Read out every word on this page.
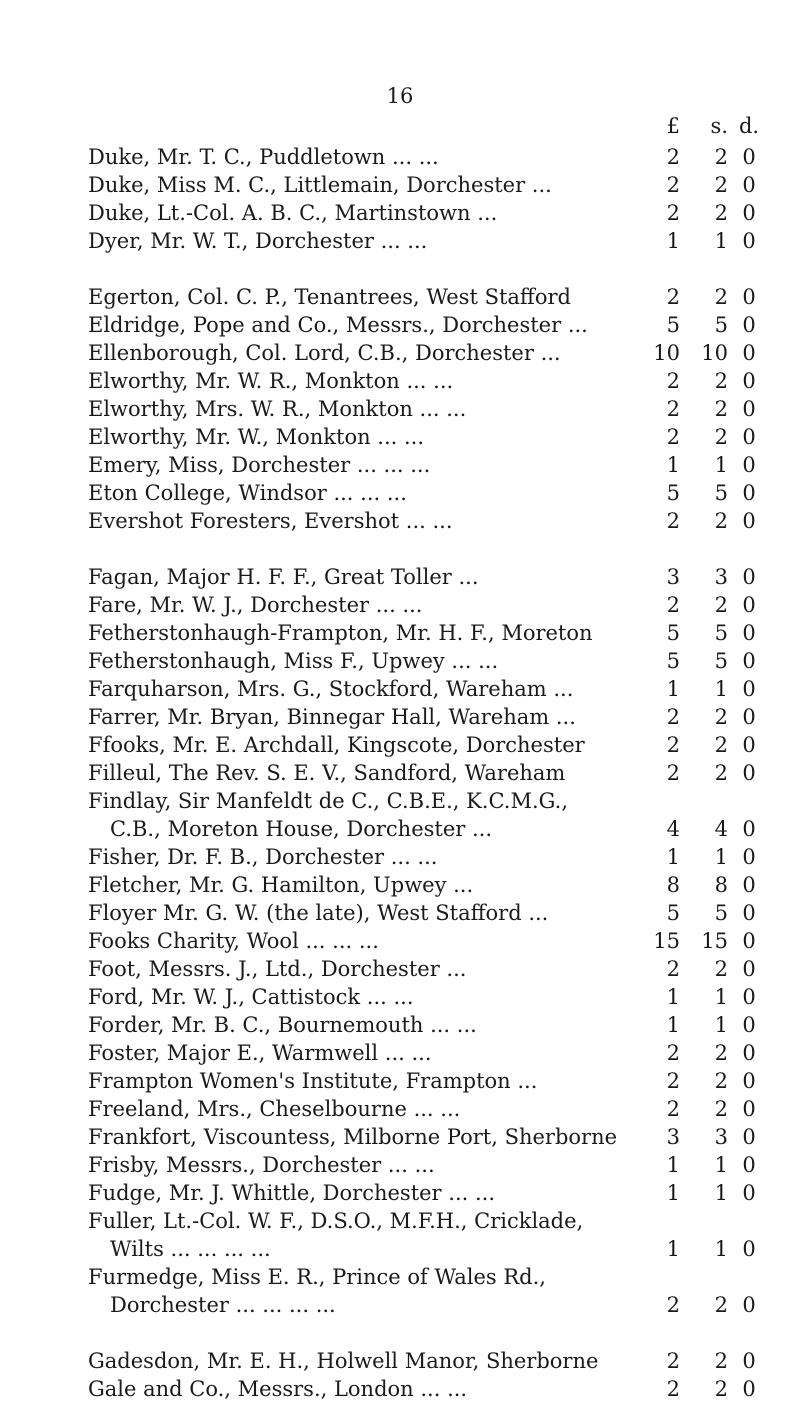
16
£	s. d.
Duke, Mr. T. C., Puddletown ... ...	2	2 0
Duke, Miss M. C., Littlemain, Dorchester ...	2	2 0
Duke, Lt.-Col. A. B. C., Martinstown ...	2	2 0
Dyer, Mr. W. T., Dorchester ... ...	1	1 0
Egerton, Col. C. P., Tenantrees, West Stafford	2	2 0
Eldridge, Pope and Co., Messrs., Dorchester ...	5	5 0
Ellenborough, Col. Lord, C.B., Dorchester ...	10	10 0
Elworthy, Mr. W. R., Monkton ... ...	2	2 0
Elworthy, Mrs. W. R., Monkton ... ...	2	2 0
Elworthy, Mr. W., Monkton ... ...	2	2 0
Emery, Miss, Dorchester ... ... ...	1	1 0
Eton College, Windsor ... ... ...	5	5 0
Evershot Foresters, Evershot ... ...	2	2 0
Fagan, Major H. F. F., Great Toller ...	3	3 0
Fare, Mr. W. J., Dorchester ... ...	2	2 0
Fetherstonhaugh-Frampton, Mr. H. F., Moreton	5	5 0
Fetherstonhaugh, Miss F., Upwey ... ...	5	5 0
Farquharson, Mrs. G., Stockford, Wareham ...	1	1 0
Farrer, Mr. Bryan, Binnegar Hall, Wareham ...	2	2 0
Ffooks, Mr. E. Archdall, Kingscote, Dorchester	2	2 0
Filleul, The Rev. S. E. V., Sandford, Wareham	2	2 0
Findlay, Sir Manfeldt de C., C.B.E., K.C.M.G.,
C.B., Moreton House, Dorchester ...	4	4 0
Fisher, Dr. F. B., Dorchester ... ...	1	1 0
Fletcher, Mr. G. Hamilton, Upwey ...	8	8 0
Floyer Mr. G. W. (the late), West Stafford ...	5	5 0
Fooks Charity, Wool ... ... ...	15	15 0
Foot, Messrs. J., Ltd., Dorchester ...	2	2 0
Ford, Mr. W. J., Cattistock ... ...	1	1 0
Forder, Mr. B. C., Bournemouth ... ...	1	1 0
Foster, Major E., Warmwell ... ...	2	2 0
Frampton Women's Institute, Frampton ...	2	2 0
Freeland, Mrs., Cheselbourne ... ...	2	2 0
Frankfort, Viscountess, Milborne Port, Sherborne	3	3 0
Frisby, Messrs., Dorchester ... ...	1	1 0
Fudge, Mr. J. Whittle, Dorchester ... ...	1	1 0
Fuller, Lt.-Col. W. F., D.S.O., M.F.H., Cricklade,
Wilts ... ... ... ...	1	1 0
Furmedge, Miss E. R., Prince of Wales Rd.,
Dorchester ... ... ... ...	2	2 0
Gadesdon, Mr. E. H., Holwell Manor, Sherborne	2	2 0
Gale and Co., Messrs., London ... ...	2	2 0
